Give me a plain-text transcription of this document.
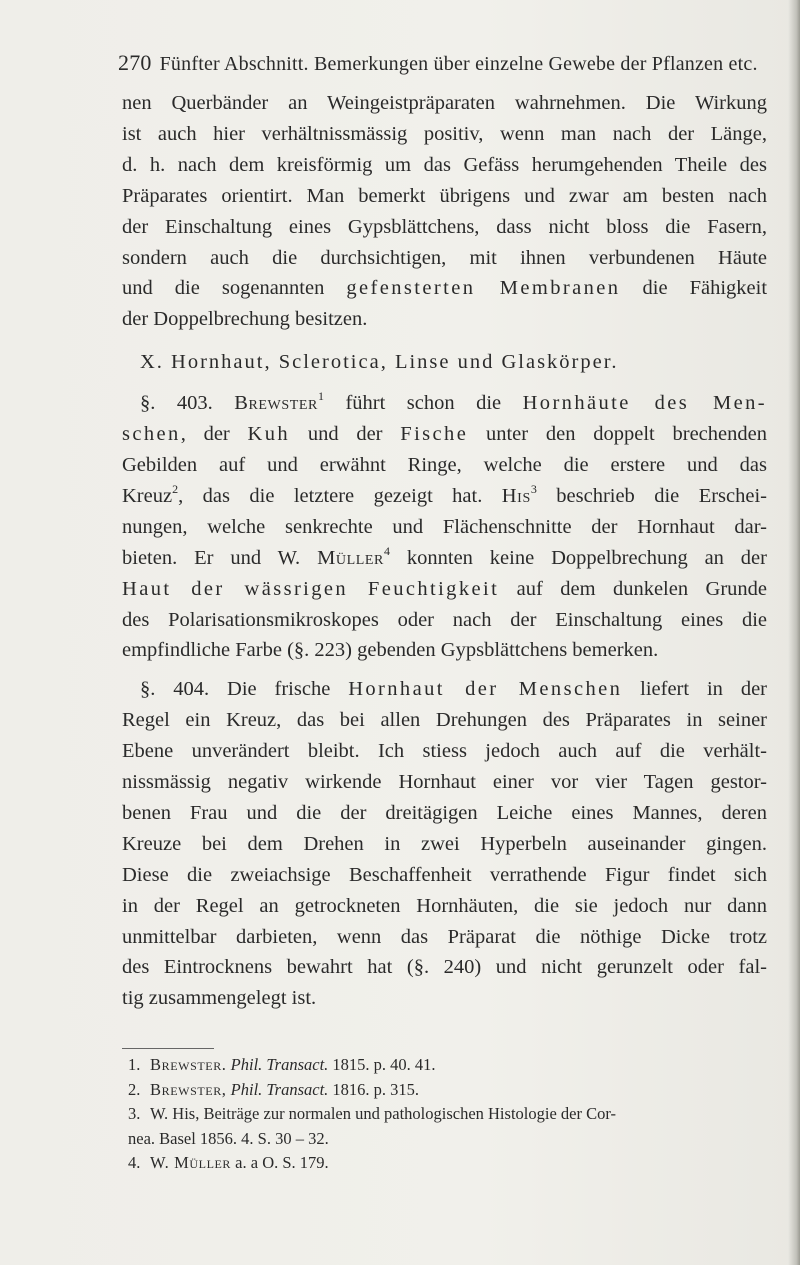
270 Fünfter Abschnitt. Bemerkungen über einzelne Gewebe der Pflanzen etc.
nen Querbänder an Weingeistpräparaten wahrnehmen. Die Wirkung
ist auch hier verhältnissmässig positiv, wenn man nach der Länge,
d. h. nach dem kreisförmig um das Gefäss herumgehenden Theile des
Präparates orientirt. Man bemerkt übrigens und zwar am besten nach
der Einschaltung eines Gypsblättchens, dass nicht bloss die Fasern,
sondern auch die durchsichtigen, mit ihnen verbundenen Häute
und die sogenannten gefensterten Membranen die Fähigkeit
der Doppelbrechung besitzen.
X. Hornhaut, Sclerotica, Linse und Glaskörper.
§. 403. Brewster$^1$ führt schon die Hornhäute des Men-
schen, der Kuh und der Fische unter den doppelt brechenden
Gebilden auf und erwähnt Ringe, welche die erstere und das
Kreuz$^2$, das die letztere gezeigt hat. His$^3$ beschrieb die Erschei-
nungen, welche senkrechte und Flächenschnitte der Hornhaut dar-
bieten. Er und W. Müller$^4$ konnten keine Doppelbrechung an der
Haut der wässrigen Feuchtigkeit auf dem dunkelen Grunde
des Polarisationsmikroskopes oder nach der Einschaltung eines die
empfindliche Farbe (§. 223) gebenden Gypsblättchens bemerken.
§. 404. Die frische Hornhaut der Menschen liefert in der
Regel ein Kreuz, das bei allen Drehungen des Präparates in seiner
Ebene unverändert bleibt. Ich stiess jedoch auch auf die verhält-
nissmässig negativ wirkende Hornhaut einer vor vier Tagen gestor-
benen Frau und die der dreitägigen Leiche eines Mannes, deren
Kreuze bei dem Drehen in zwei Hyperbeln auseinander gingen.
Diese die zweiachsige Beschaffenheit verrathende Figur findet sich
in der Regel an getrockneten Hornhäuten, die sie jedoch nur dann
unmittelbar darbieten, wenn das Präparat die nöthige Dicke trotz
des Eintrocknens bewahrt hat (§. 240) und nicht gerunzelt oder fal-
tig zusammengelegt ist.
1. Brewster. Phil. Transact. 1815. p. 40. 41.
2. Brewster, Phil. Transact. 1816. p. 315.
3. W. His, Beiträge zur normalen und pathologischen Histologie der Cor-
nea. Basel 1856. 4. S. 30 – 32.
4. W. Müller a. a O. S. 179.
